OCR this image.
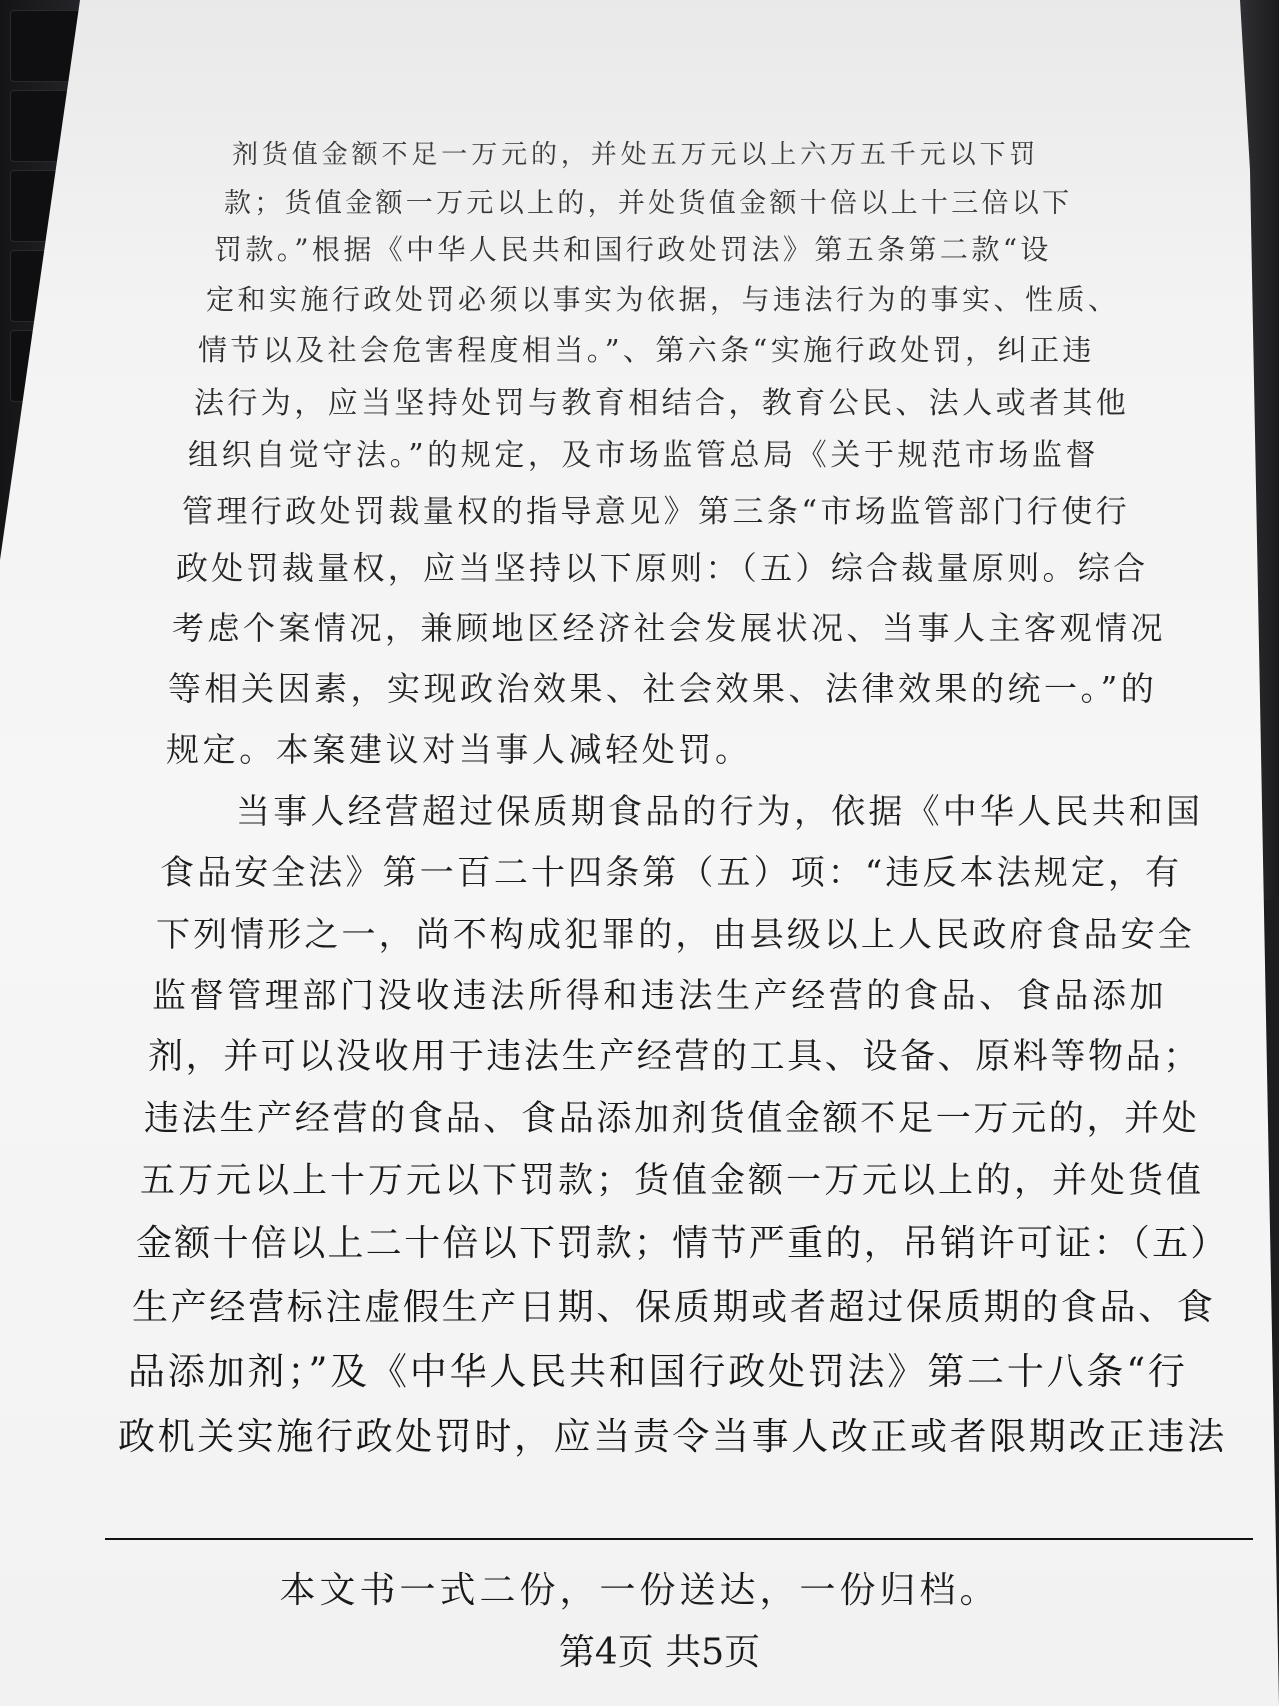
剂货值金额不足一万元的，并处五万元以上六万五千元以下罚
款；货值金额一万元以上的，并处货值金额十倍以上十三倍以下
罚款。”根据《中华人民共和国行政处罚法》第五条第二款“设
定和实施行政处罚必须以事实为依据，与违法行为的事实、性质、
情节以及社会危害程度相当。”、第六条“实施行政处罚，纠正违
法行为，应当坚持处罚与教育相结合，教育公民、法人或者其他
组织自觉守法。”的规定，及市场监管总局《关于规范市场监督
管理行政处罚裁量权的指导意见》第三条“市场监管部门行使行
政处罚裁量权，应当坚持以下原则：（五）综合裁量原则。综合
考虑个案情况，兼顾地区经济社会发展状况、当事人主客观情况
等相关因素，实现政治效果、社会效果、法律效果的统一。”的
规定。本案建议对当事人减轻处罚。
当事人经营超过保质期食品的行为，依据《中华人民共和国
食品安全法》第一百二十四条第（五）项：“违反本法规定，有
下列情形之一，尚不构成犯罪的，由县级以上人民政府食品安全
监督管理部门没收违法所得和违法生产经营的食品、食品添加
剂，并可以没收用于违法生产经营的工具、设备、原料等物品；
违法生产经营的食品、食品添加剂货值金额不足一万元的，并处
五万元以上十万元以下罚款；货值金额一万元以上的，并处货值
金额十倍以上二十倍以下罚款；情节严重的，吊销许可证：（五）
生产经营标注虚假生产日期、保质期或者超过保质期的食品、食
品添加剂；”及《中华人民共和国行政处罚法》第二十八条“行
政机关实施行政处罚时，应当责令当事人改正或者限期改正违法
本文书一式二份，一份送达，一份归档。
第4页 共5页
